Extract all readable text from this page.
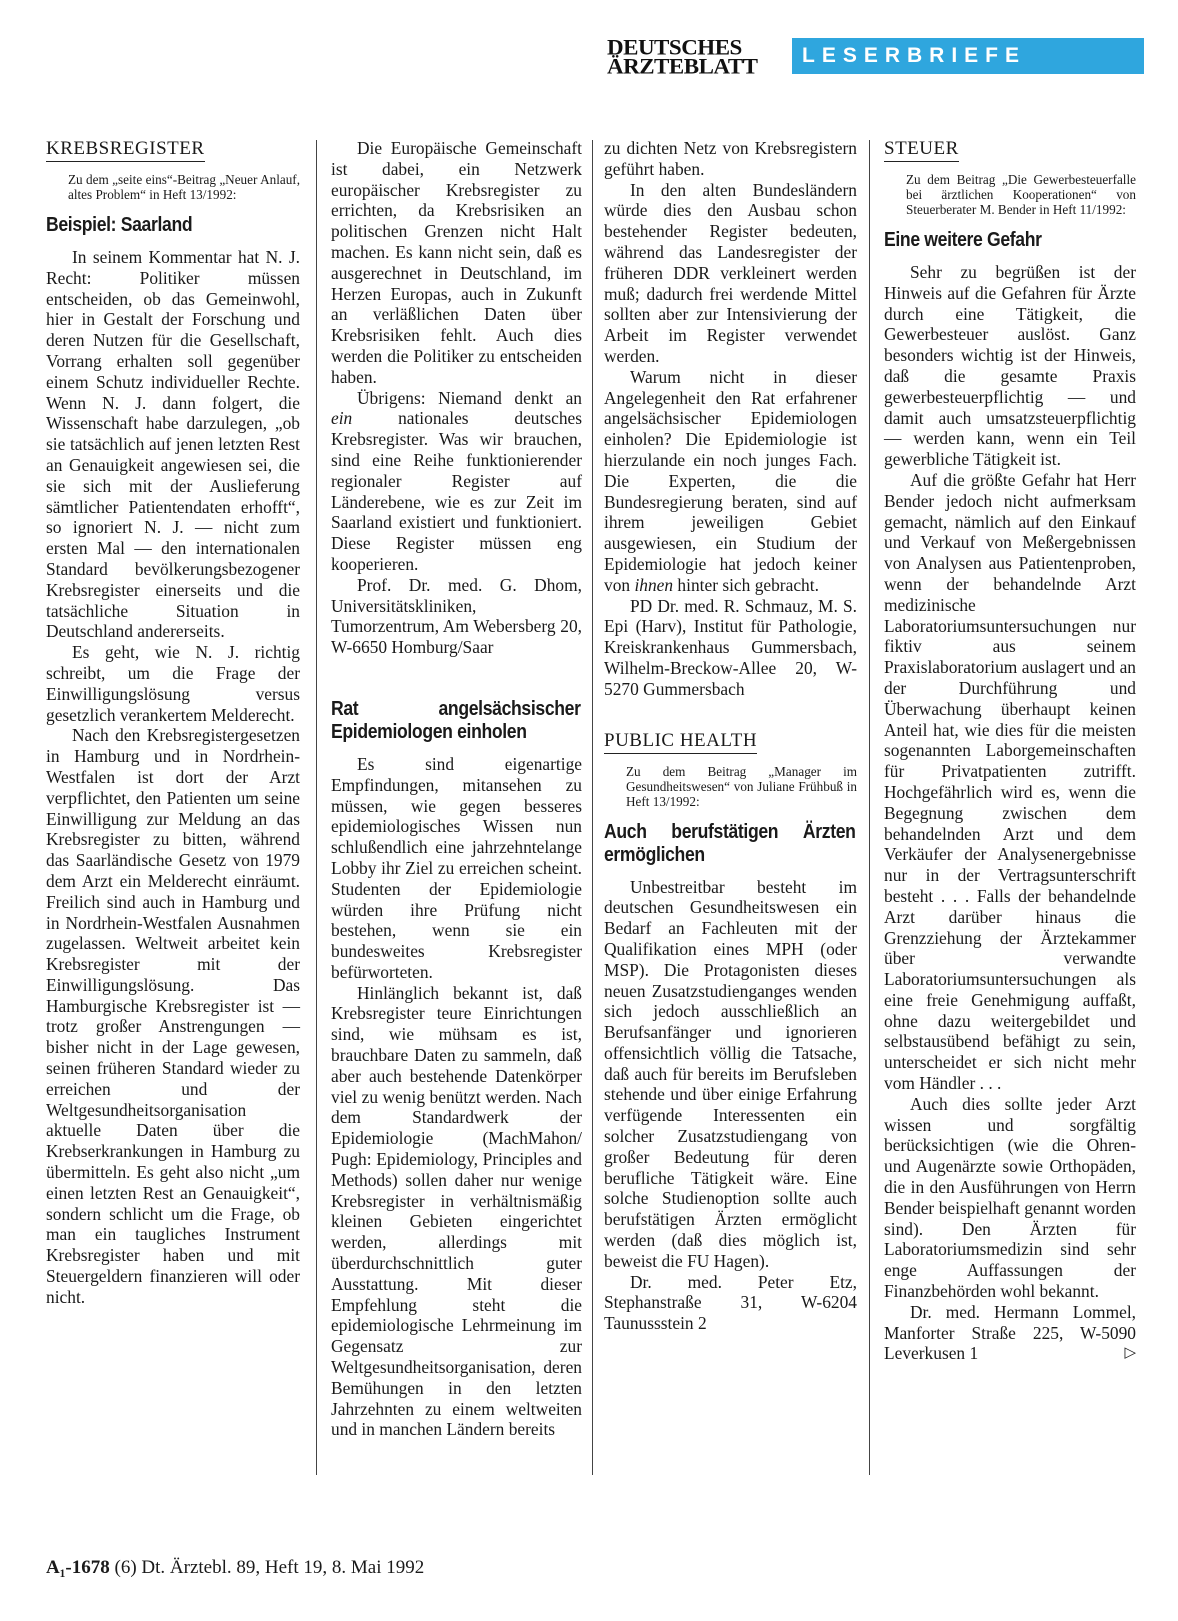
DEUTSCHES
ÄRZTEBLATT	LESERBRIEFE
KREBSREGISTER

Zu dem „seite eins“-Beitrag „Neuer Anlauf, altes Problem“ in Heft 13/1992:

Beispiel: Saarland

In seinem Kommentar hat N. J. Recht: Politiker müssen entscheiden, ob das Gemeinwohl, hier in Gestalt der Forschung und deren Nutzen für die Gesellschaft, Vorrang erhalten soll gegenüber einem Schutz individueller Rechte. Wenn N. J. dann folgert, die Wissenschaft habe darzulegen, „ob sie tatsächlich auf jenen letzten Rest an Genauigkeit angewiesen sei, die sie sich mit der Auslieferung sämtlicher Patientendaten erhofft“, so ignoriert N. J. — nicht zum ersten Mal — den internationalen Standard bevölkerungsbezogener Krebsregister einerseits und die tatsächliche Situation in Deutschland andererseits.

Es geht, wie N. J. richtig schreibt, um die Frage der Einwilligungslösung versus gesetzlich verankertem Melderecht.

Nach den Krebsregistergesetzen in Hamburg und in Nordrhein-Westfalen ist dort der Arzt verpflichtet, den Patienten um seine Einwilligung zur Meldung an das Krebsregister zu bitten, während das Saarländische Gesetz von 1979 dem Arzt ein Melderecht einräumt. Freilich sind auch in Hamburg und in Nordrhein-Westfalen Ausnahmen zugelassen. Weltweit arbeitet kein Krebsregister mit der Einwilligungslösung. Das Hamburgische Krebsregister ist — trotz großer Anstrengungen — bisher nicht in der Lage gewesen, seinen früheren Standard wieder zu erreichen und der Weltgesundheitsorganisation aktuelle Daten über die Krebserkrankungen in Hamburg zu übermitteln. Es geht also nicht „um einen letzten Rest an Genauigkeit“, sondern schlicht um die Frage, ob man ein taugliches Instrument Krebsregister haben und mit Steuergeldern finanzieren will oder nicht.

Die Europäische Gemeinschaft ist dabei, ein Netzwerk europäischer Krebsregister zu errichten, da Krebsrisiken an politischen Grenzen nicht Halt machen. Es kann nicht sein, daß es ausgerechnet in Deutschland, im Herzen Europas, auch in Zukunft an verläßlichen Daten über Krebsrisiken fehlt. Auch dies werden die Politiker zu entscheiden haben.

Übrigens: Niemand denkt an ein nationales deutsches Krebsregister. Was wir brauchen, sind eine Reihe funktionierender regionaler Register auf Länderebene, wie es zur Zeit im Saarland existiert und funktioniert. Diese Register müssen eng kooperieren.

Prof. Dr. med. G. Dhom, Universitätskliniken, Tumorzentrum, Am Webersberg 20, W-6650 Homburg/Saar

Rat angelsächsischer Epidemiologen einholen

Es sind eigenartige Empfindungen, mitansehen zu müssen, wie gegen besseres epidemiologisches Wissen nun schlußendlich eine jahrzehntelange Lobby ihr Ziel zu erreichen scheint. Studenten der Epidemiologie würden ihre Prüfung nicht bestehen, wenn sie ein bundesweites Krebsregister befürworteten.

Hinlänglich bekannt ist, daß Krebsregister teure Einrichtungen sind, wie mühsam es ist, brauchbare Daten zu sammeln, daß aber auch bestehende Datenkörper viel zu wenig benützt werden. Nach dem Standardwerk der Epidemiologie (MachMahon/ Pugh: Epidemiology, Principles and Methods) sollen daher nur wenige Krebsregister in verhältnismäßig kleinen Gebieten eingerichtet werden, allerdings mit überdurchschnittlich guter Ausstattung. Mit dieser Empfehlung steht die epidemiologische Lehrmeinung im Gegensatz zur Weltgesundheitsorganisation, deren Bemühungen in den letzten Jahrzehnten zu einem weltweiten und in manchen Ländern bereits

zu dichten Netz von Krebsregistern geführt haben.

In den alten Bundesländern würde dies den Ausbau schon bestehender Register bedeuten, während das Landesregister der früheren DDR verkleinert werden muß; dadurch frei werdende Mittel sollten aber zur Intensivierung der Arbeit im Register verwendet werden.

Warum nicht in dieser Angelegenheit den Rat erfahrener angelsächsischer Epidemiologen einholen? Die Epidemiologie ist hierzulande ein noch junges Fach. Die Experten, die die Bundesregierung beraten, sind auf ihrem jeweiligen Gebiet ausgewiesen, ein Studium der Epidemiologie hat jedoch keiner von ihnen hinter sich gebracht.

PD Dr. med. R. Schmauz, M. S. Epi (Harv), Institut für Pathologie, Kreiskrankenhaus Gummersbach, Wilhelm-Breckow-Allee 20, W-5270 Gummersbach

PUBLIC HEALTH

Zu dem Beitrag „Manager im Gesundheitswesen“ von Juliane Frühbuß in Heft 13/1992:

Auch berufstätigen Ärzten ermöglichen

Unbestreitbar besteht im deutschen Gesundheitswesen ein Bedarf an Fachleuten mit der Qualifikation eines MPH (oder MSP). Die Protagonisten dieses neuen Zusatzstudienganges wenden sich jedoch ausschließlich an Berufsanfänger und ignorieren offensichtlich völlig die Tatsache, daß auch für bereits im Berufsleben stehende und über einige Erfahrung verfügende Interessenten ein solcher Zusatzstudiengang von großer Bedeutung für deren berufliche Tätigkeit wäre. Eine solche Studienoption sollte auch berufstätigen Ärzten ermöglicht werden (daß dies möglich ist, beweist die FU Hagen).

Dr. med. Peter Etz, Stephanstraße 31, W-6204 Taunussstein 2

STEUER

Zu dem Beitrag „Die Gewerbesteuerfalle bei ärztlichen Kooperationen“ von Steuerberater M. Bender in Heft 11/1992:

Eine weitere Gefahr

Sehr zu begrüßen ist der Hinweis auf die Gefahren für Ärzte durch eine Tätigkeit, die Gewerbesteuer auslöst. Ganz besonders wichtig ist der Hinweis, daß die gesamte Praxis gewerbesteuerpflichtig — und damit auch umsatzsteuerpflichtig — werden kann, wenn ein Teil gewerbliche Tätigkeit ist.

Auf die größte Gefahr hat Herr Bender jedoch nicht aufmerksam gemacht, nämlich auf den Einkauf und Verkauf von Meßergebnissen von Analysen aus Patientenproben, wenn der behandelnde Arzt medizinische Laboratoriumsuntersuchungen nur fiktiv aus seinem Praxislaboratorium auslagert und an der Durchführung und Überwachung überhaupt keinen Anteil hat, wie dies für die meisten sogenannten Laborgemeinschaften für Privatpatienten zutrifft. Hochgefährlich wird es, wenn die Begegnung zwischen dem behandelnden Arzt und dem Verkäufer der Analysenergebnisse nur in der Vertragsunterschrift besteht . . . Falls der behandelnde Arzt darüber hinaus die Grenzziehung der Ärztekammer über verwandte Laboratoriumsuntersuchungen als eine freie Genehmigung auffaßt, ohne dazu weitergebildet und selbstausübend befähigt zu sein, unterscheidet er sich nicht mehr vom Händler . . .

Auch dies sollte jeder Arzt wissen und sorgfältig berücksichtigen (wie die Ohren- und Augenärzte sowie Orthopäden, die in den Ausführungen von Herrn Bender beispielhaft genannt worden sind). Den Ärzten für Laboratoriumsmedizin sind sehr enge Auffassungen der Finanzbehörden wohl bekannt.

Dr. med. Hermann Lommel, Manforter Straße 225, W-5090 Leverkusen 1	▷

A₁-1678 (6) Dt. Ärztebl. 89, Heft 19, 8. Mai 1992
